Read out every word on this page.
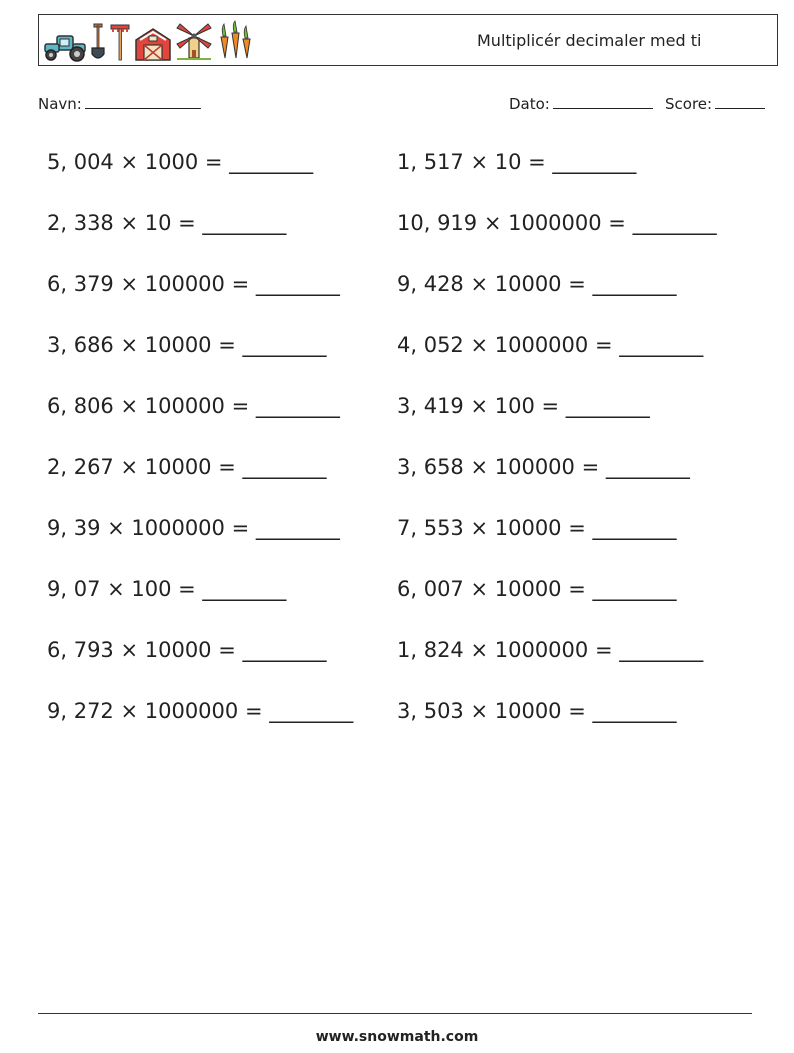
Multiplicér decimaler med ti
Navn:	Dato:	Score:
5, 004 × 1000 = ________	1, 517 × 10 = ________
2, 338 × 10 = ________	10, 919 × 1000000 = ________
6, 379 × 100000 = ________	9, 428 × 10000 = ________
3, 686 × 10000 = ________	4, 052 × 1000000 = ________
6, 806 × 100000 = ________	3, 419 × 100 = ________
2, 267 × 10000 = ________	3, 658 × 100000 = ________
9, 39 × 1000000 = ________	7, 553 × 10000 = ________
9, 07 × 100 = ________	6, 007 × 10000 = ________
6, 793 × 10000 = ________	1, 824 × 1000000 = ________
9, 272 × 1000000 = ________ 3, 503 × 10000 = ________
www.snowmath.com
